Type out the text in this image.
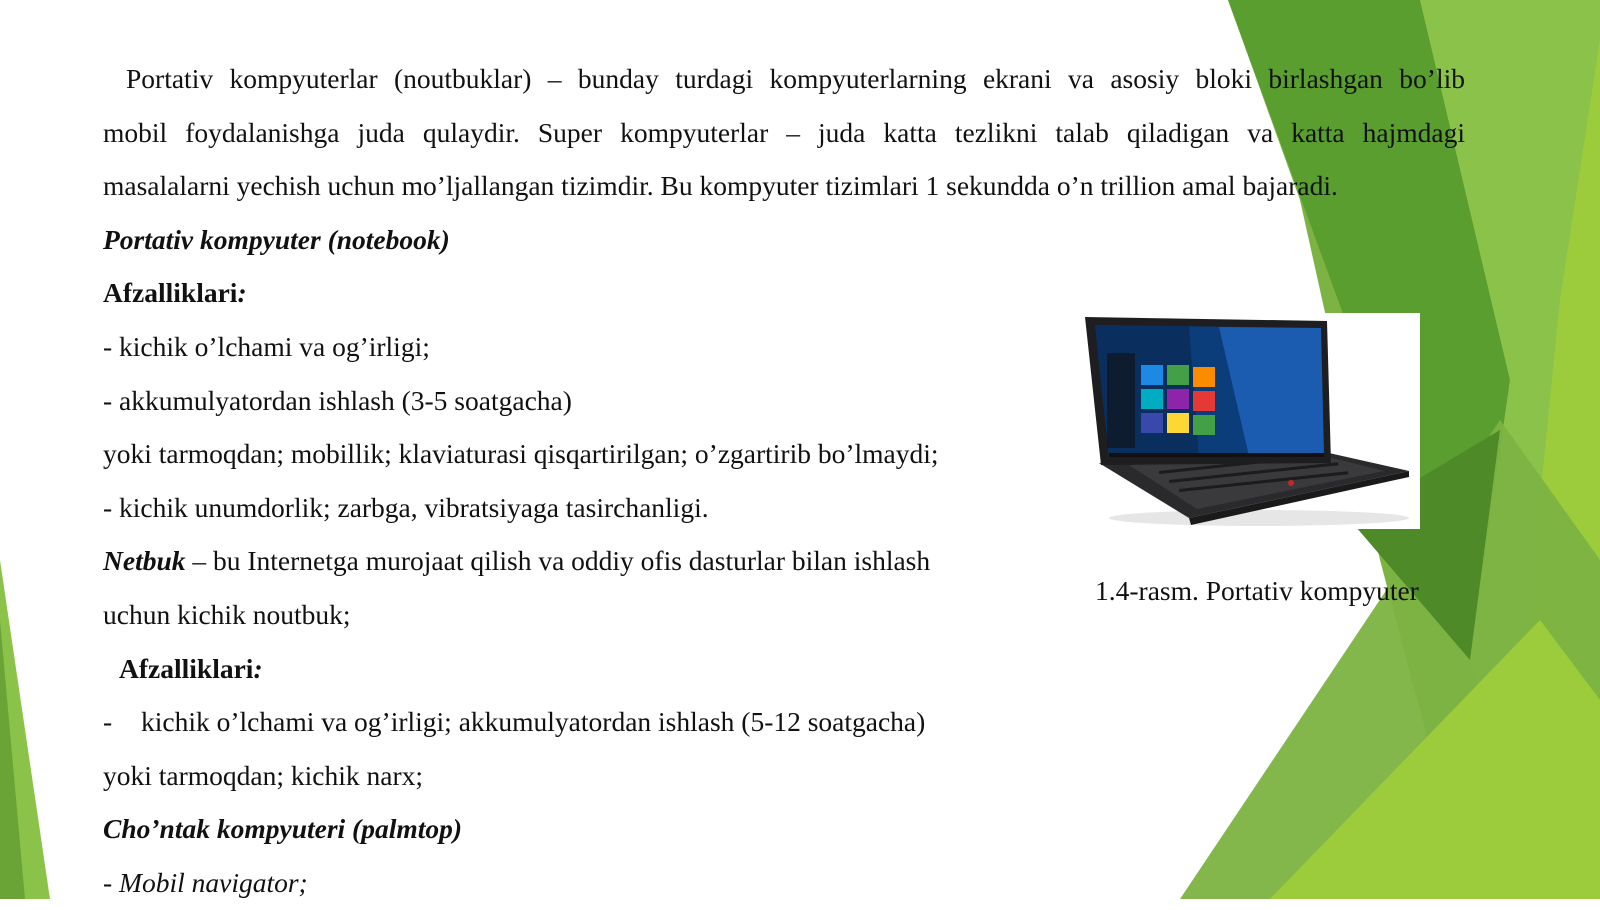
Portativ kompyuterlar (noutbuklar) – bunday turdagi kompyuterlarning ekrani va asosiy bloki birlashgan bo’lib
mobil foydalanishga juda qulaydir. Super kompyuterlar – juda katta tezlikni talab qiladigan va katta hajmdagi
masalalarni yechish uchun mo’ljallangan tizimdir. Bu kompyuter tizimlari 1 sekundda o’n trillion amal bajaradi.
Portativ kompyuter (notebook)
Afzalliklari:
- kichik o’lchami va og’irligi;
- akkumulyatordan ishlash (3-5 soatgacha)
yoki tarmoqdan; mobillik; klaviaturasi qisqartirilgan; o’zgartirib bo’lmaydi;
- kichik unumdorlik; zarbga, vibratsiyaga tasirchanligi.
Netbuk – bu Internetga murojaat qilish va oddiy ofis dasturlar bilan ishlash
uchun kichik noutbuk;
Afzalliklari:
- kichik o’lchami va og’irligi; akkumulyatordan ishlash (5-12 soatgacha)
yoki tarmoqdan; kichik narx;
Cho’ntak kompyuteri (palmtop)
- Mobil navigator;
1.4-rasm. Portativ kompyuter
